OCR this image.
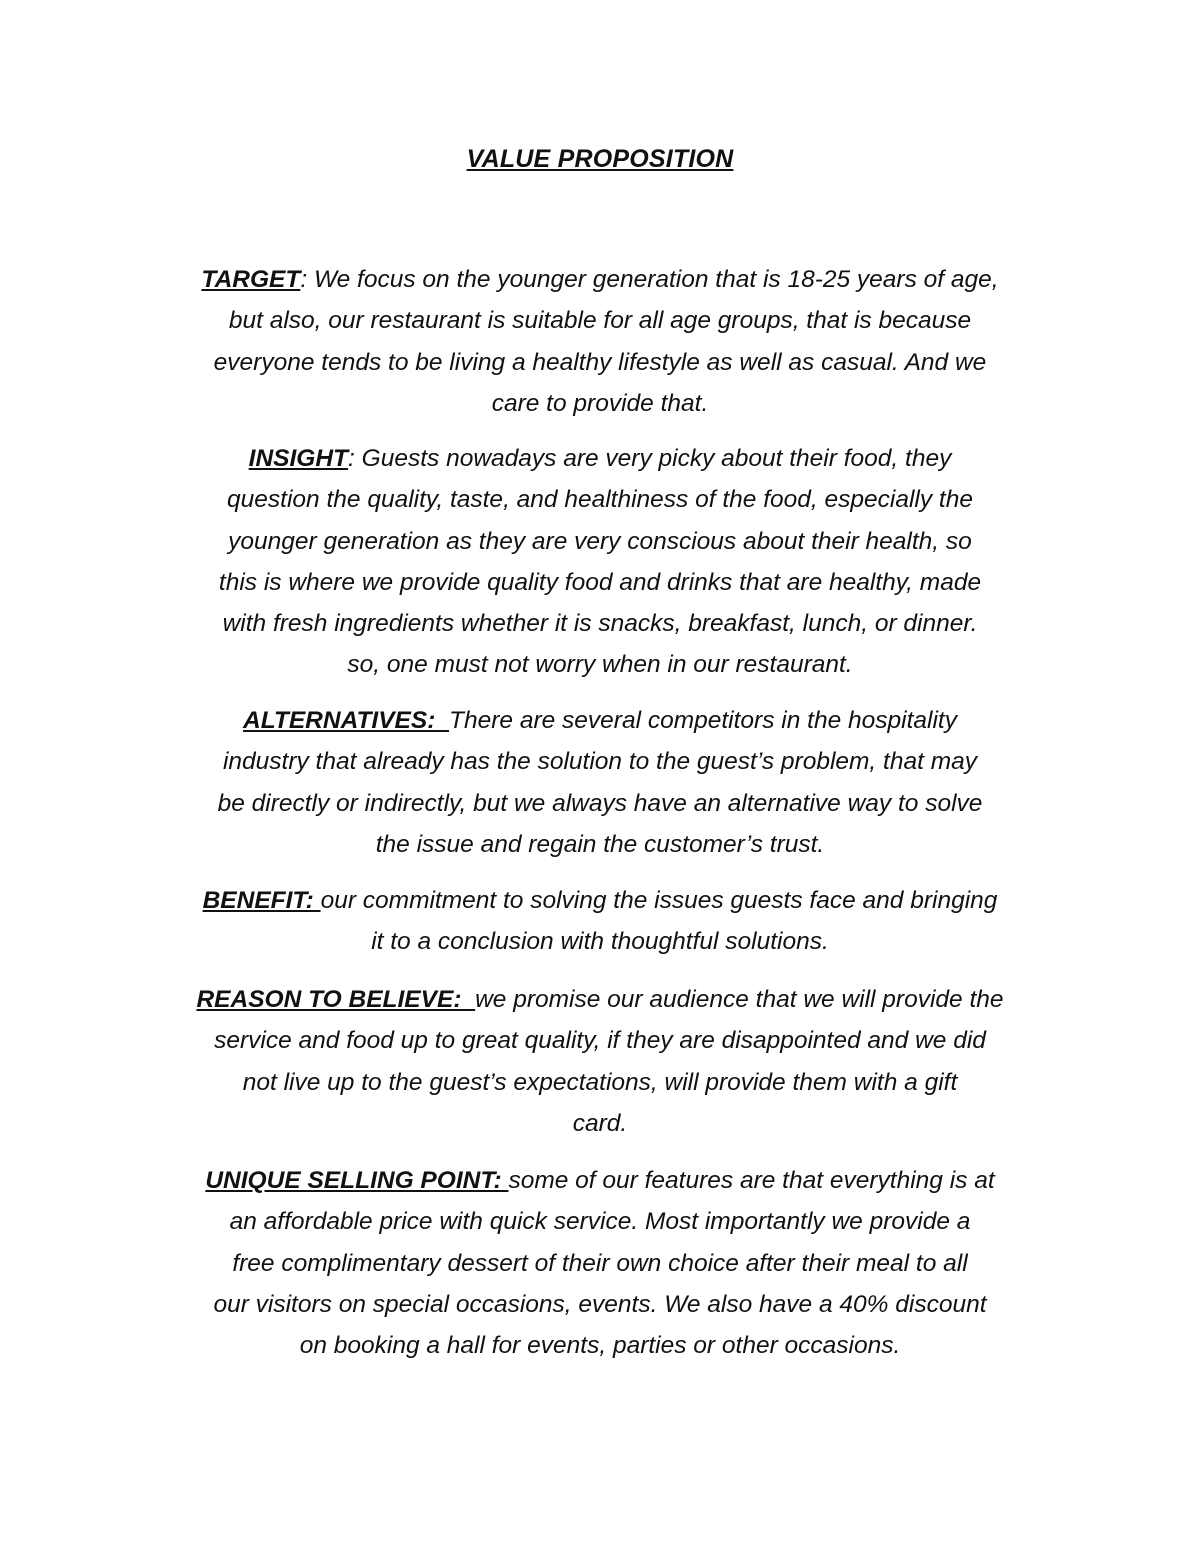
VALUE PROPOSITION
TARGET: We focus on the younger generation that is 18-25 years of age,
but also, our restaurant is suitable for all age groups, that is because
everyone tends to be living a healthy lifestyle as well as casual. And we
care to provide that.
INSIGHT: Guests nowadays are very picky about their food, they
question the quality, taste, and healthiness of the food, especially the
younger generation as they are very conscious about their health, so
this is where we provide quality food and drinks that are healthy, made
with fresh ingredients whether it is snacks, breakfast, lunch, or dinner.
so, one must not worry when in our restaurant.
ALTERNATIVES:  There are several competitors in the hospitality
industry that already has the solution to the guest’s problem, that may
be directly or indirectly, but we always have an alternative way to solve
the issue and regain the customer’s trust.
BENEFIT: our commitment to solving the issues guests face and bringing
it to a conclusion with thoughtful solutions.
REASON TO BELIEVE:  we promise our audience that we will provide the
service and food up to great quality, if they are disappointed and we did
not live up to the guest’s expectations, will provide them with a gift
card.
UNIQUE SELLING POINT: some of our features are that everything is at
an affordable price with quick service. Most importantly we provide a
free complimentary dessert of their own choice after their meal to all
our visitors on special occasions, events. We also have a 40% discount
on booking a hall for events, parties or other occasions.
